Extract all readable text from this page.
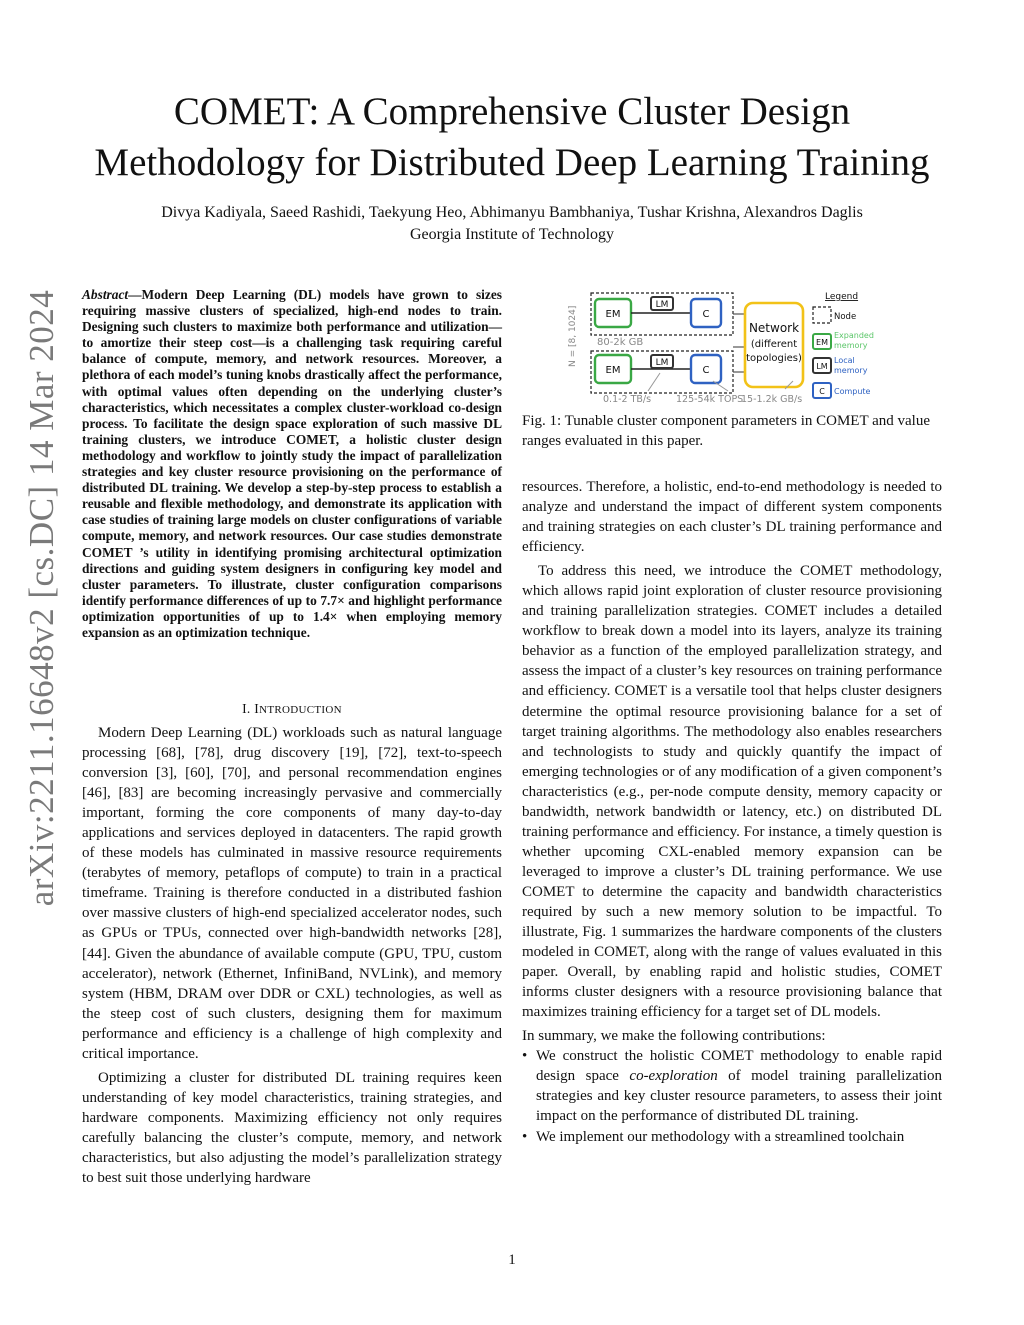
arXiv:2211.16648v2 [cs.DC] 14 Mar 2024
COMET: A Comprehensive Cluster Design
Methodology for Distributed Deep Learning Training
Divya Kadiyala, Saeed Rashidi, Taekyung Heo, Abhimanyu Bambhaniya, Tushar Krishna, Alexandros Daglis
Georgia Institute of Technology
Abstract—Modern Deep Learning (DL) models have grown to sizes requiring massive clusters of specialized, high-end nodes to train. Designing such clusters to maximize both performance and utilization—to amortize their steep cost—is a challenging task requiring careful balance of compute, memory, and network resources. Moreover, a plethora of each model’s tuning knobs drastically affect the performance, with optimal values often depending on the underlying cluster’s characteristics, which necessitates a complex cluster-workload co-design process. To facilitate the design space exploration of such massive DL training clusters, we introduce COMET, a holistic cluster design methodology and workflow to jointly study the impact of parallelization strategies and key cluster resource provisioning on the performance of distributed DL training. We develop a step-by-step process to establish a reusable and flexible methodology, and demonstrate its application with case studies of training large models on cluster configurations of variable compute, memory, and network resources. Our case studies demonstrate COMET ’s utility in identifying promising architectural optimization directions and guiding system designers in configuring key model and cluster parameters. To illustrate, cluster configuration comparisons identify performance differences of up to 7.7× and highlight performance optimization opportunities of up to 1.4× when employing memory expansion as an optimization technique.
I. INTRODUCTION

Modern Deep Learning (DL) workloads such as natural language processing [68], [78], drug discovery [19], [72], text-to-speech conversion [3], [60], [70], and personal recommendation engines [46], [83] are becoming increasingly pervasive and commercially important, forming the core components of many day-to-day applications and services deployed in datacenters. The rapid growth of these models has culminated in massive resource requirements (terabytes of memory, petaflops of compute) to train in a practical timeframe. Training is therefore conducted in a distributed fashion over massive clusters of high-end specialized accelerator nodes, such as GPUs or TPUs, connected over high-bandwidth networks [28], [44]. Given the abundance of available compute (GPU, TPU, custom accelerator), network (Ethernet, InfiniBand, NVLink), and memory system (HBM, DRAM over DDR or CXL) technologies, as well as the steep cost of such clusters, designing them for maximum performance and efficiency is a challenge of high complexity and critical importance.

Optimizing a cluster for distributed DL training requires keen understanding of key model characteristics, training strategies, and hardware components. Maximizing efficiency not only requires carefully balancing the cluster’s compute, memory, and network characteristics, but also adjusting the model’s parallelization strategy to best suit those underlying hardware

N = [8, 1024]	EM
LM
C
80-2k GB
EM
LM
C
Network
(different
topologies)
0.1-2 TB/s	125-54k TOPS
15-1.2k GB/s
Legend
Node
EM
Expanded
memory
LM
Local
memory
C Compute
Fig. 1: Tunable cluster component parameters in COMET and value ranges evaluated in this paper.

resources. Therefore, a holistic, end-to-end methodology is needed to analyze and understand the impact of different system components and training strategies on each cluster’s DL training performance and efficiency.

To address this need, we introduce the COMET methodology, which allows rapid joint exploration of cluster resource provisioning and training parallelization strategies. COMET includes a detailed workflow to break down a model into its layers, analyze its training behavior as a function of the employed parallelization strategy, and assess the impact of a cluster’s key resources on training performance and efficiency. COMET is a versatile tool that helps cluster designers determine the optimal resource provisioning balance for a set of target training algorithms. The methodology also enables researchers and technologists to study and quickly quantify the impact of emerging technologies or of any modification of a given component’s characteristics (e.g., per-node compute density, memory capacity or bandwidth, network bandwidth or latency, etc.) on distributed DL training performance and efficiency. For instance, a timely question is whether upcoming CXL-enabled memory expansion can be leveraged to improve a cluster’s DL training performance. We use COMET to determine the capacity and bandwidth characteristics required by such a new memory solution to be impactful. To illustrate, Fig. 1 summarizes the hardware components of the clusters modeled in COMET, along with the range of values evaluated in this paper. Overall, by enabling rapid and holistic studies, COMET informs cluster designers with a resource provisioning balance that maximizes training efficiency for a target set of DL models.

In summary, we make the following contributions:

• We construct the holistic COMET methodology to enable rapid design space co-exploration of model training parallelization strategies and key cluster resource parameters, to assess their joint impact on the performance of distributed DL training.
• We implement our methodology with a streamlined toolchain
1
